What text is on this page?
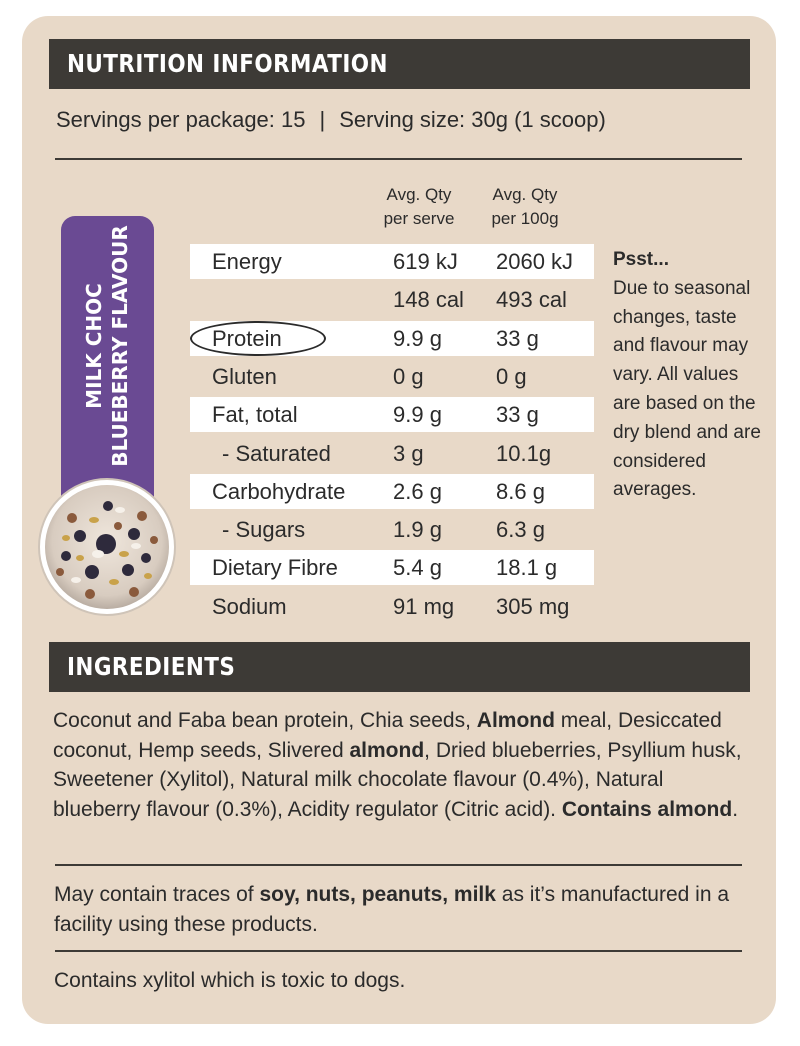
NUTRITION INFORMATION
Servings per package: 15 | Serving size: 30g (1 scoop)
Avg. Qty
per serve
Avg. Qty
per 100g
MILK CHOC BLUEBERRY FLAVOUR	Energy	619 kJ 2060 kJ
148 cal 493 cal
Protein	9.9 g 33 g
Gluten	0 g	0 g
Fat, total	9.9 g 33 g
- Saturated	3 g	10.1g
Carbohydrate 2.6 g 8.6 g
- Sugars	1.9 g 6.3 g
Dietary Fibre	5.4 g 18.1 g
Sodium	91 mg 305 mg
Psst...
Due to seasonal changes, taste and flavour may vary. All values are based on the dry blend and are considered averages.
INGREDIENTS
Coconut and Faba bean protein, Chia seeds, Almond meal, Desiccated coconut, Hemp seeds, Slivered almond, Dried blueberries, Psyllium husk, Sweetener (Xylitol), Natural milk chocolate flavour (0.4%), Natural blueberry flavour (0.3%), Acidity regulator (Citric acid). Contains almond.
May contain traces of soy, nuts, peanuts, milk as it’s manufactured in a facility using these products.
Contains xylitol which is toxic to dogs.
